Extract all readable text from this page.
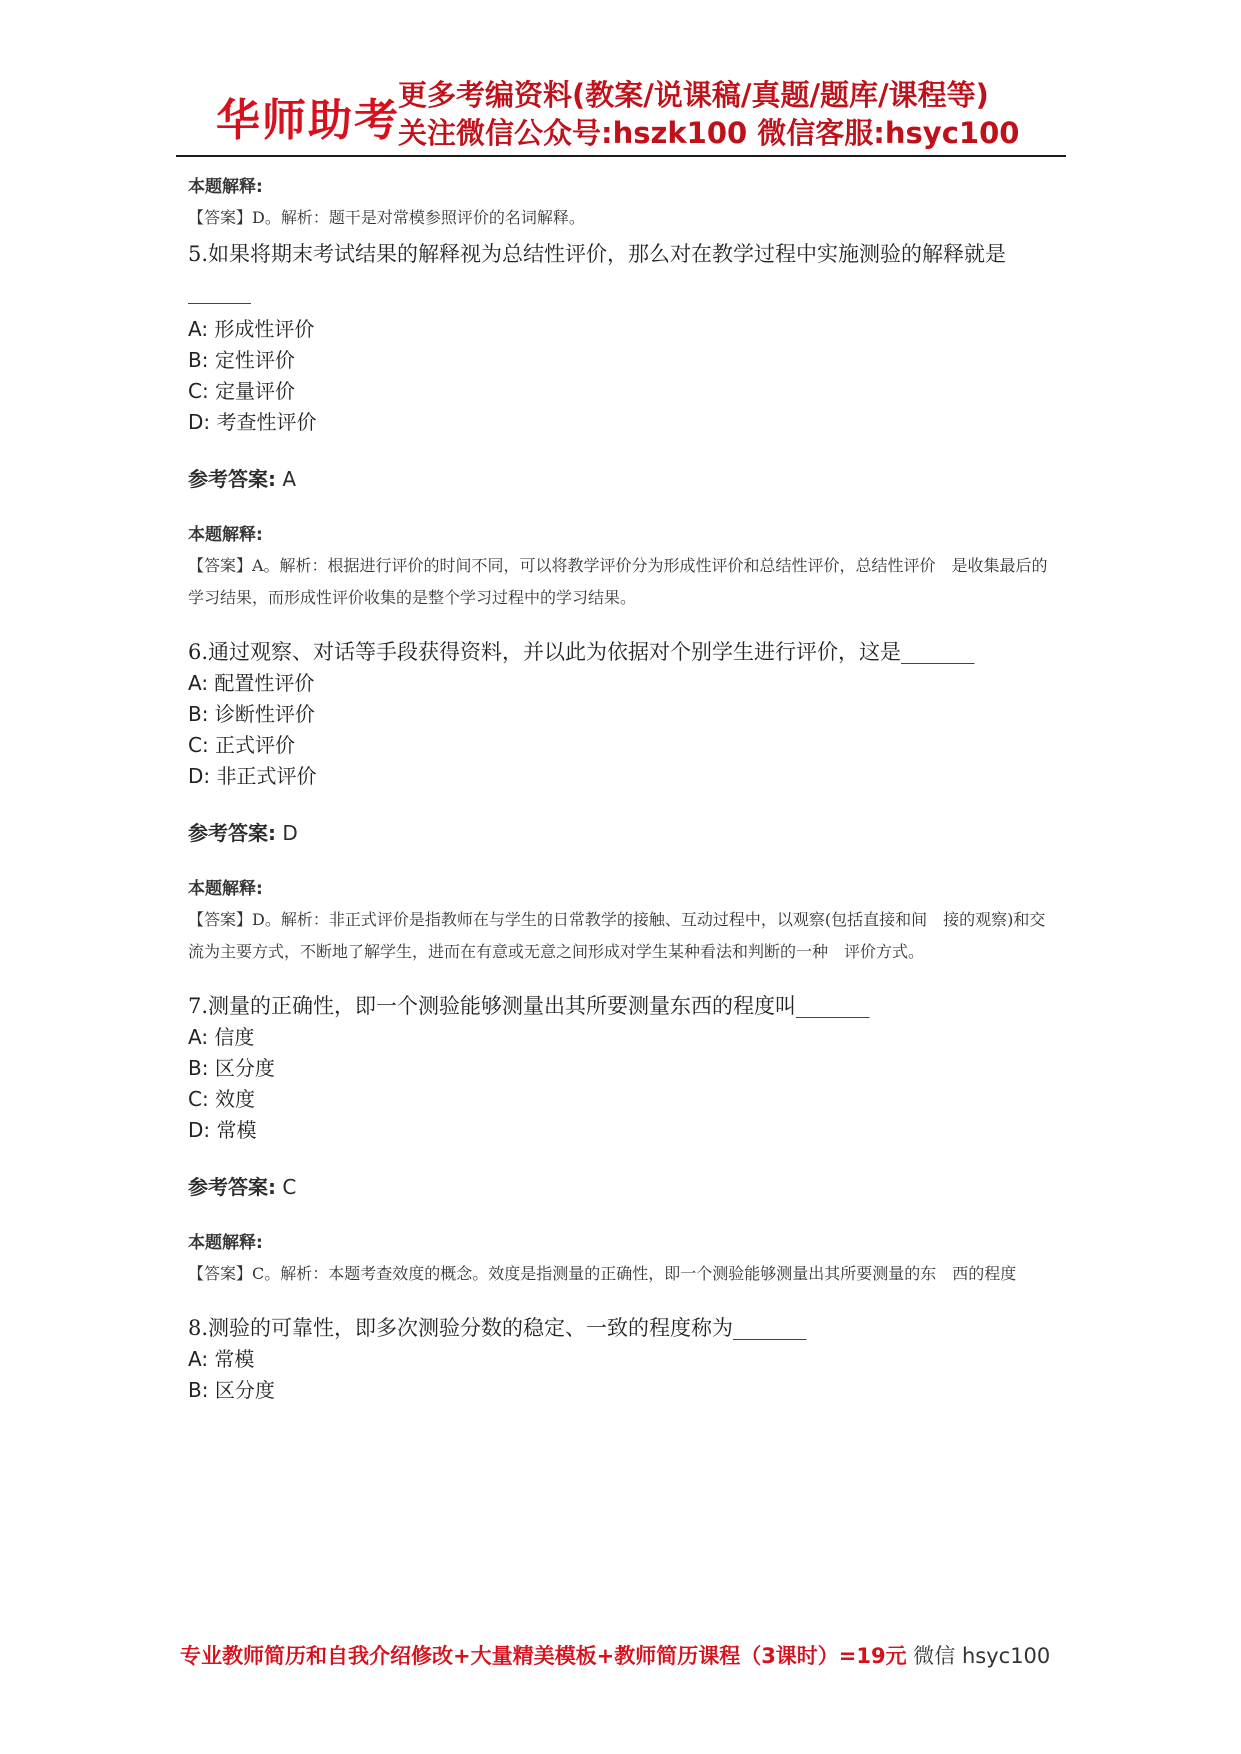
华师助考
更多考编资料(教案/说课稿/真题/题库/课程等)
关注微信公众号:hszk100 微信客服:hsyc100

本题解释:

【答案】D。解析：题干是对常模参照评价的名词解释。

5.如果将期末考试结果的解释视为总结性评价，那么对在教学过程中实施测验的解释就是

______

A: 形成性评价

B: 定性评价

C: 定量评价

D: 考查性评价

参考答案: A

本题解释:

【答案】A。解析：根据进行评价的时间不同，可以将教学评价分为形成性评价和总结性评价，总结性评价　是收集最后的学习结果，而形成性评价收集的是整个学习过程中的学习结果。

6.通过观察、对话等手段获得资料，并以此为依据对个别学生进行评价，这是_______

A: 配置性评价

B: 诊断性评价

C: 正式评价

D: 非正式评价

参考答案: D

本题解释:

【答案】D。解析：非正式评价是指教师在与学生的日常教学的接触、互动过程中，以观察(包括直接和间　接的观察)和交流为主要方式，不断地了解学生，进而在有意或无意之间形成对学生某种看法和判断的一种　评价方式。

7.测量的正确性，即一个测验能够测量出其所要测量东西的程度叫_______

A: 信度

B: 区分度

C: 效度

D: 常模

参考答案: C

本题解释:

【答案】C。解析：本题考查效度的概念。效度是指测量的正确性，即一个测验能够测量出其所要测量的东　西的程度

8.测验的可靠性，即多次测验分数的稳定、一致的程度称为_______

A: 常模

B: 区分度

专业教师简历和自我介绍修改+大量精美模板+教师简历课程（3课时）=19元 微信 hsyc100
